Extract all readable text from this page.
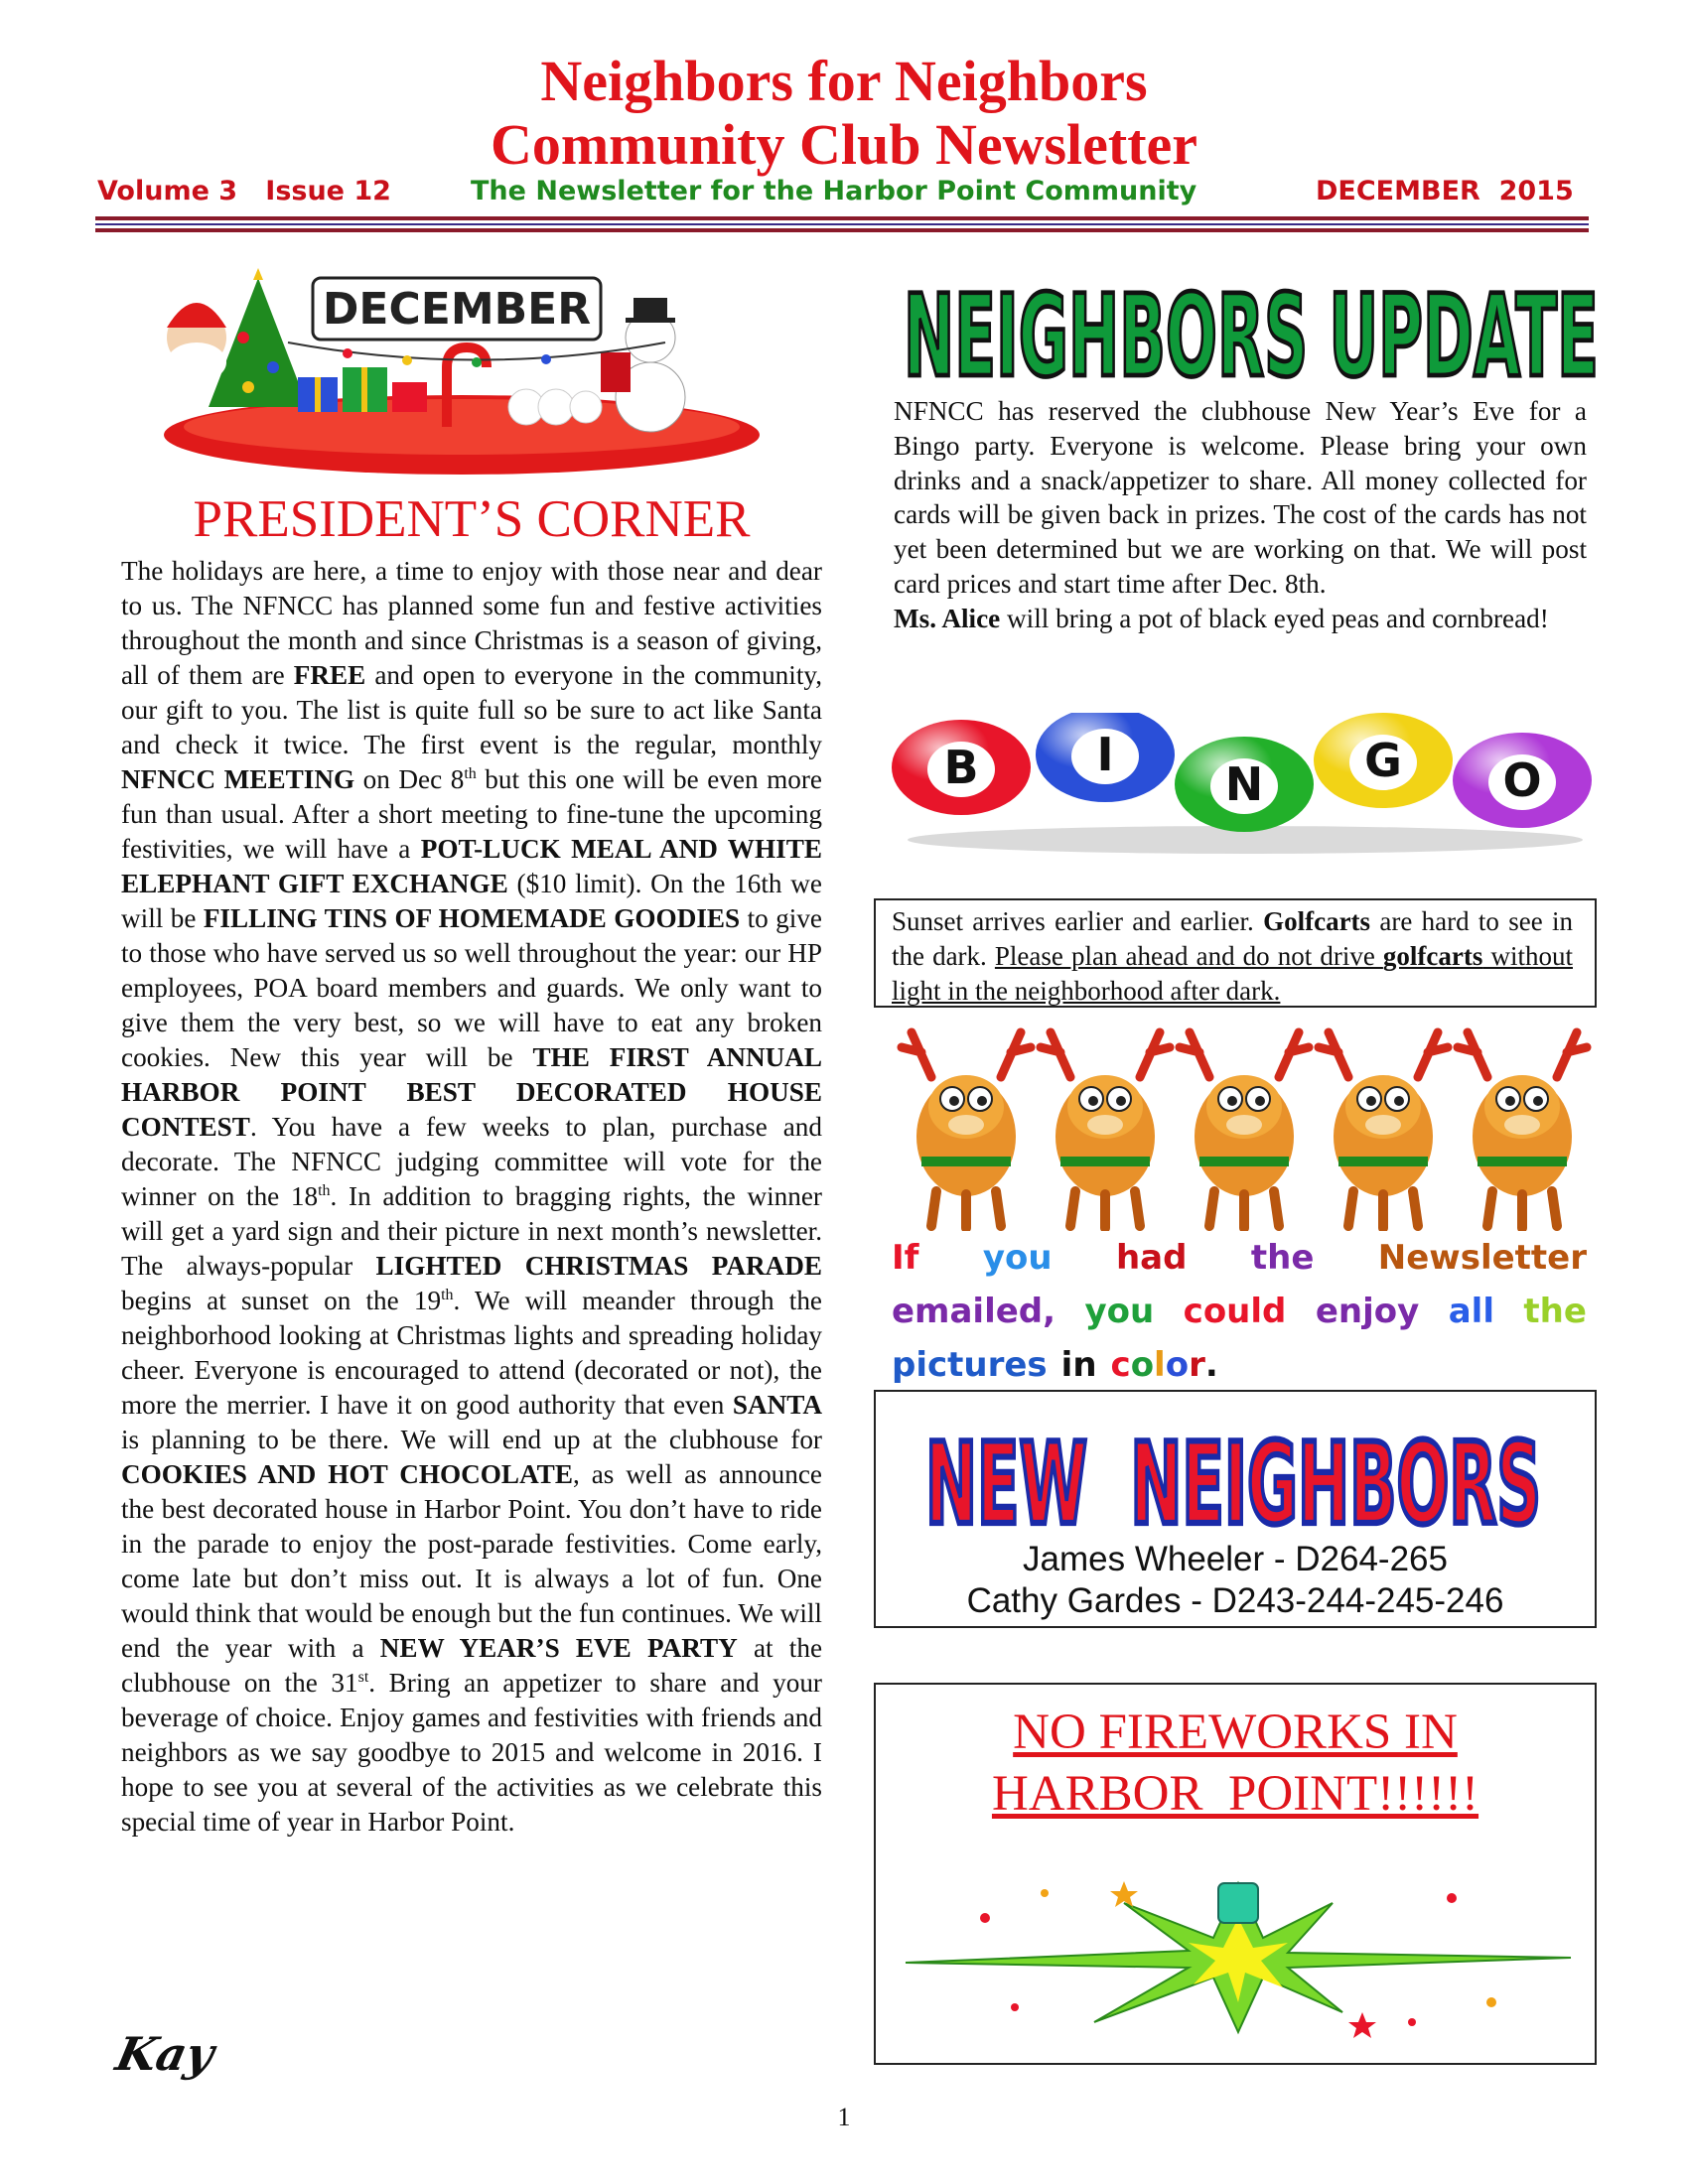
Neighbors for Neighbors
Community Club Newsletter
Volume 3   Issue 12	The Newsletter for the Harbor Point Community	DECEMBER  2015
DECEMBER
PRESIDENT’S CORNER
The holidays are here, a time to enjoy with those near and dear to us. The NFNCC has planned some fun and festive activities throughout the month and since Christmas is a season of giving, all of them are FREE and open to everyone in the community, our gift to you. The list is quite full so be sure to act like Santa and check it twice. The first event is the regular, monthly NFNCC MEETING on Dec 8th but this one will be even more fun than usual. After a short meeting to fine-tune the upcoming festivities, we will have a POT-LUCK MEAL AND WHITE ELEPHANT GIFT EXCHANGE ($10 limit). On the 16th we will be FILLING TINS OF HOMEMADE GOODIES to give to those who have served us so well throughout the year: our HP employees, POA board members and guards. We only want to give them the very best, so we will have to eat any broken cookies. New this year will be THE FIRST ANNUAL HARBOR POINT BEST DECORATED HOUSE CONTEST. You have a few weeks to plan, purchase and decorate. The NFNCC judging committee will vote for the winner on the 18th. In addition to bragging rights, the winner will get a yard sign and their picture in next month’s newsletter. The always-popular LIGHTED CHRISTMAS PARADE begins at sunset on the 19th. We will meander through the neighborhood looking at Christmas lights and spreading holiday cheer. Everyone is encouraged to attend (decorated or not), the more the merrier. I have it on good authority that even SANTA is planning to be there. We will end up at the clubhouse for COOKIES AND HOT CHOCOLATE, as well as announce the best decorated house in Harbor Point. You don’t have to ride in the parade to enjoy the post-parade festivities. Come early, come late but don’t miss out. It is always a lot of fun. One would think that would be enough but the fun continues. We will end the year with a NEW YEAR’S EVE PARTY at the clubhouse on the 31st. Bring an appetizer to share and your beverage of choice. Enjoy games and festivities with friends and neighbors as we say goodbye to 2015 and welcome in 2016. I hope to see you at several of the activities as we celebrate this special time of year in Harbor Point.
Kay
NEIGHBORS UPDATE
NFNCC has reserved the clubhouse New Year’s Eve for a Bingo party. Everyone is welcome. Please bring your own drinks and a snack/appetizer to share. All money collected for cards will be given back in prizes. The cost of the cards has not yet been determined but we are working on that. We will post card prices and start time after Dec. 8th.
Ms. Alice will bring a pot of black eyed peas and cornbread!
B	I
N G O
Sunset arrives earlier and earlier. Golfcarts are hard to see in the dark. Please plan ahead and do not drive golfcarts without light in the neighborhood after dark.
If you had the Newsletter
emailed, you could enjoy all the
pictures in c o l o r .
NEW  NEIGHBORS
James Wheeler - D264-265
Cathy Gardes - D243-244-245-246
NO FIREWORKS IN
HARBOR  POINT!!!!!!
1
